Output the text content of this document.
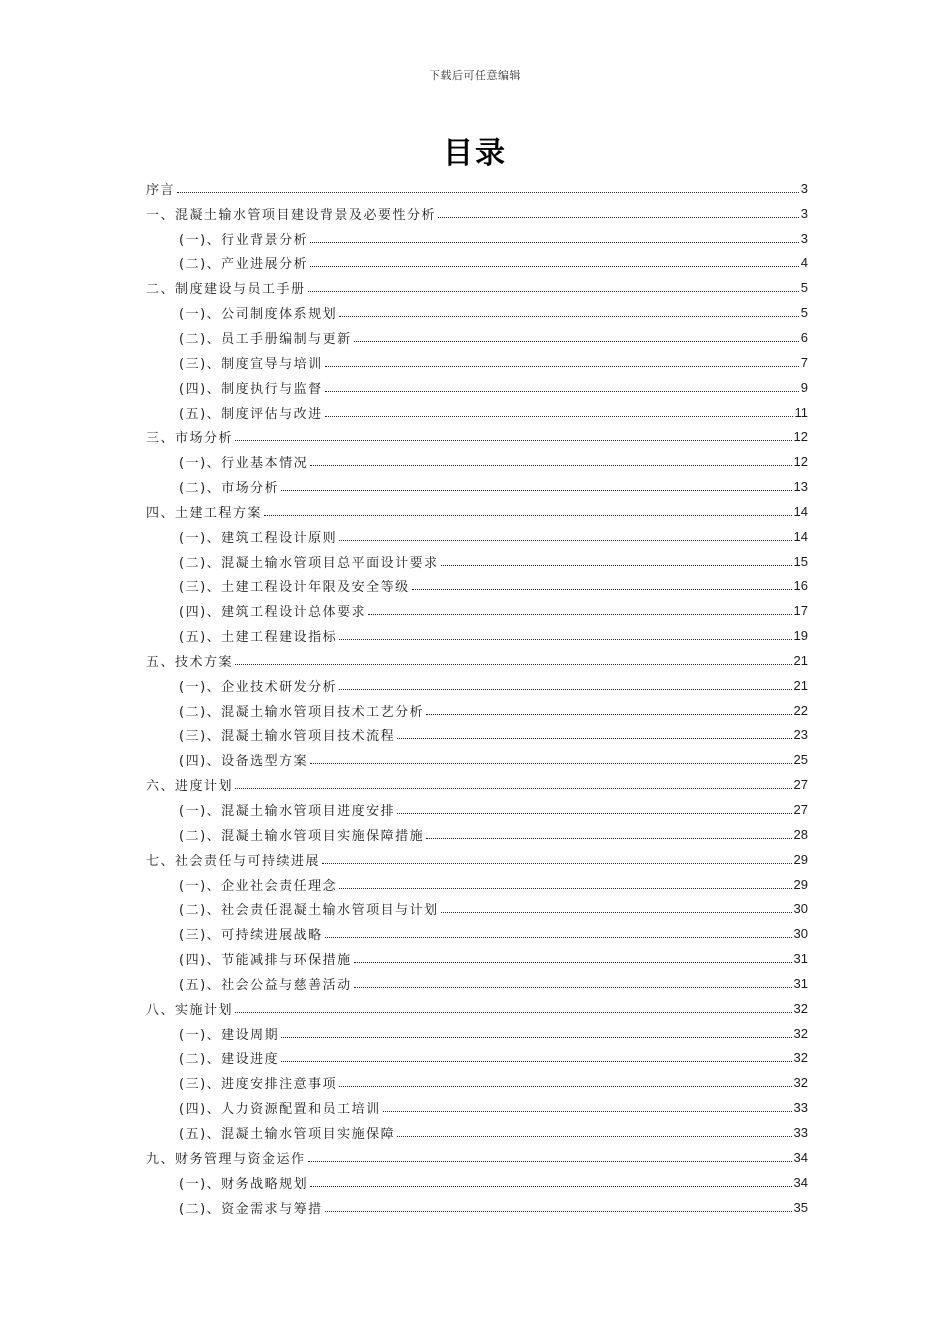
下载后可任意编辑
目录
序言	3
一、混凝土输水管项目建设背景及必要性分析	3
(一)、行业背景分析	3
(二)、产业进展分析	4
二、制度建设与员工手册	5
(一)、公司制度体系规划	5
(二)、员工手册编制与更新	6
(三)、制度宣导与培训	7
(四)、制度执行与监督	9
(五)、制度评估与改进	11
三、市场分析	12
(一)、行业基本情况	12
(二)、市场分析	13
四、土建工程方案	14
(一)、建筑工程设计原则	14
(二)、混凝土输水管项目总平面设计要求	15
(三)、土建工程设计年限及安全等级	16
(四)、建筑工程设计总体要求	17
(五)、土建工程建设指标	19
五、技术方案	21
(一)、企业技术研发分析	21
(二)、混凝土输水管项目技术工艺分析	22
(三)、混凝土输水管项目技术流程	23
(四)、设备选型方案	25
六、进度计划	27
(一)、混凝土输水管项目进度安排	27
(二)、混凝土输水管项目实施保障措施	28
七、社会责任与可持续进展	29
(一)、企业社会责任理念	29
(二)、社会责任混凝土输水管项目与计划	30
(三)、可持续进展战略	30
(四)、节能减排与环保措施	31
(五)、社会公益与慈善活动	31
八、实施计划	32
(一)、建设周期	32
(二)、建设进度	32
(三)、进度安排注意事项	32
(四)、人力资源配置和员工培训	33
(五)、混凝土输水管项目实施保障	33
九、财务管理与资金运作	34
(一)、财务战略规划	34
(二)、资金需求与筹措	35
